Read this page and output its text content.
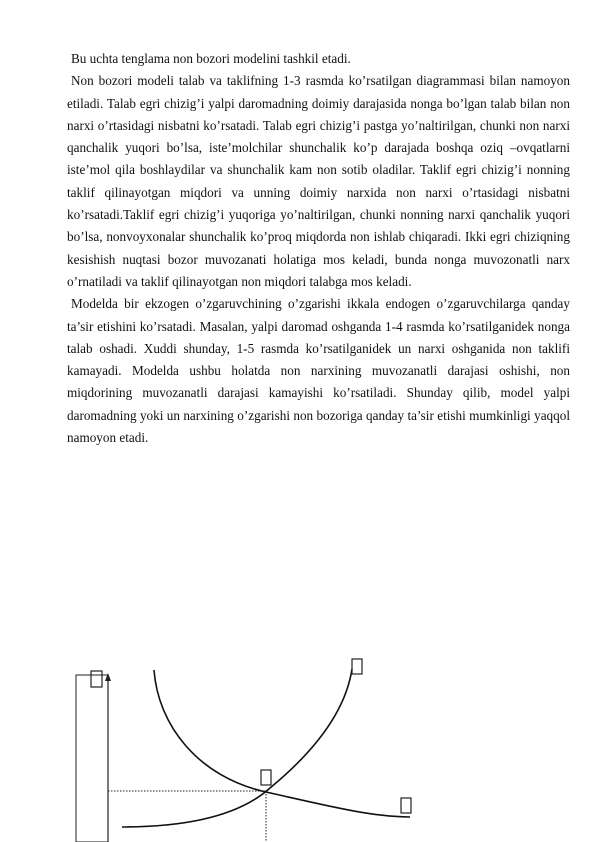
Bu uchta tenglama non bozori modelini tashkil etadi.

Non bozori modeli talab va taklifning 1-3 rasmda ko’rsatilgan diagrammasi bilan namoyon etiladi. Talab egri chizig’i yalpi daromadning doimiy darajasida nonga bo’lgan talab bilan non narxi o’rtasidagi nisbatni ko’rsatadi. Talab egri chizig’i pastga yo’naltirilgan, chunki non narxi qanchalik yuqori bo’lsa, iste’molchilar shunchalik ko’p darajada boshqa oziq –ovqatlarni iste’mol qila boshlaydilar va shunchalik kam non sotib oladilar. Taklif egri chizig’i nonning taklif qilinayotgan miqdori va unning doimiy narxida non narxi o’rtasidagi nisbatni ko’rsatadi.Taklif egri chizig’i yuqoriga yo’naltirilgan, chunki nonning narxi qanchalik yuqori bo’lsa, nonvoyxonalar shunchalik ko’proq miqdorda non ishlab chiqaradi. Ikki egri chiziqning kesishish nuqtasi bozor muvozanati holatiga mos keladi, bunda nonga muvozonatli narx o’rnatiladi va taklif qilinayotgan non miqdori talabga mos keladi.

Modelda bir ekzogen o’zgaruvchining o’zgarishi ikkala endogen o’zgaruvchilarga qanday ta’sir etishini ko’rsatadi. Masalan, yalpi daromad oshganda 1-4 rasmda ko’rsatilganidek nonga talab oshadi. Xuddi shunday, 1-5 rasmda ko’rsatilganidek un narxi oshganida non taklifi kamayadi. Modelda ushbu holatda non narxining muvozanatli darajasi oshishi, non miqdorining muvozanatli darajasi kamayishi ko’rsatiladi. Shunday qilib, model yalpi daromadning yoki un narxining o’zgarishi non bozoriga qanday ta’sir etishi mumkinligi yaqqol namoyon etadi.
